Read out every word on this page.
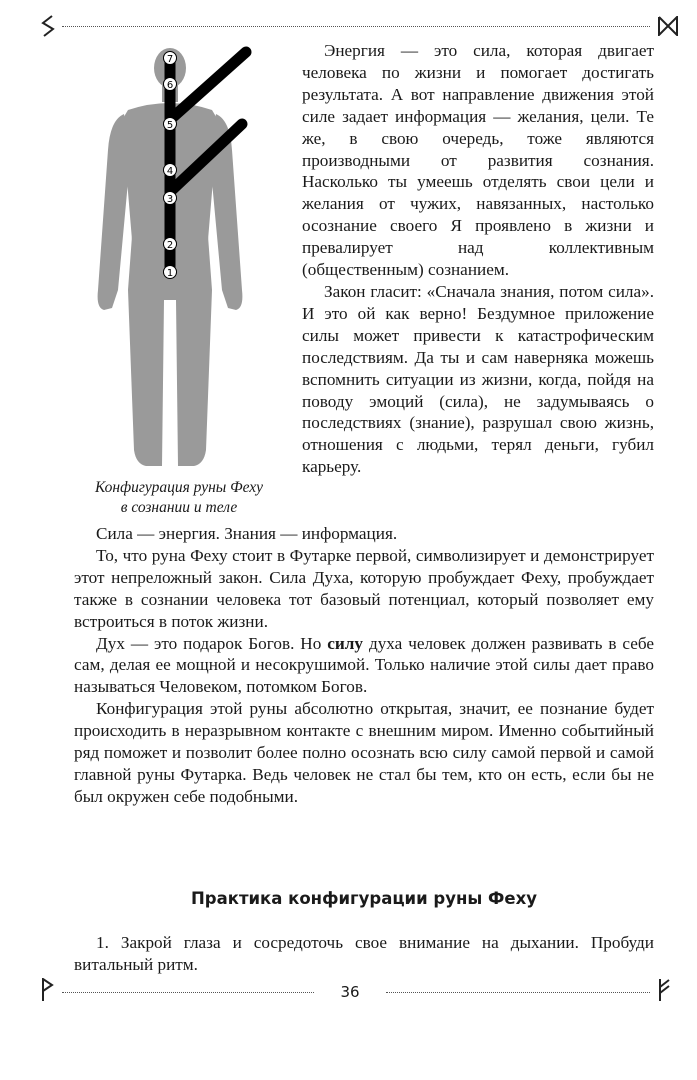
7
6
5
4
3
2
1
Конфигурация руны Феху
в сознании и теле

Энергия — это сила, которая двигает человека по жизни и помогает достигать результата. А вот направление движения этой силе задает информация — желания, цели. Те же, в свою очередь, тоже являются производными от развития сознания. Насколько ты умеешь отделять свои цели и желания от чужих, навязанных, настолько осознание своего Я проявлено в жизни и превалирует над коллективным (общественным) сознанием.

Закон гласит: «Сначала знания, потом сила». И это ой как верно! Бездумное приложение силы может привести к катастрофическим последствиям. Да ты и сам наверняка можешь вспомнить ситуации из жизни, когда, пойдя на поводу эмоций (сила), не задумываясь о последствиях (знание), разрушал свою жизнь, отношения с людьми, терял деньги, губил карьеру.

Сила — энергия. Знания — информация.

То, что руна Феху стоит в Футарке первой, символизирует и демонстрирует этот непреложный закон. Сила Духа, которую пробуждает Феху, пробуждает также в сознании человека тот базовый потенциал, который позволяет ему встроиться в поток жизни.

Дух — это подарок Богов. Но силу духа человек должен развивать в себе сам, делая ее мощной и несокрушимой. Только наличие этой силы дает право называться Человеком, потомком Богов.

Конфигурация этой руны абсолютно открытая, значит, ее познание будет происходить в неразрывном контакте с внешним миром. Именно событийный ряд поможет и позволит более полно осознать всю силу самой первой и самой главной руны Футарка. Ведь человек не стал бы тем, кто он есть, если бы не был окружен себе подобными.

Практика конфигурации руны Феху

1. Закрой глаза и сосредоточь свое внимание на дыхании. Пробуди витальный ритм.

36
